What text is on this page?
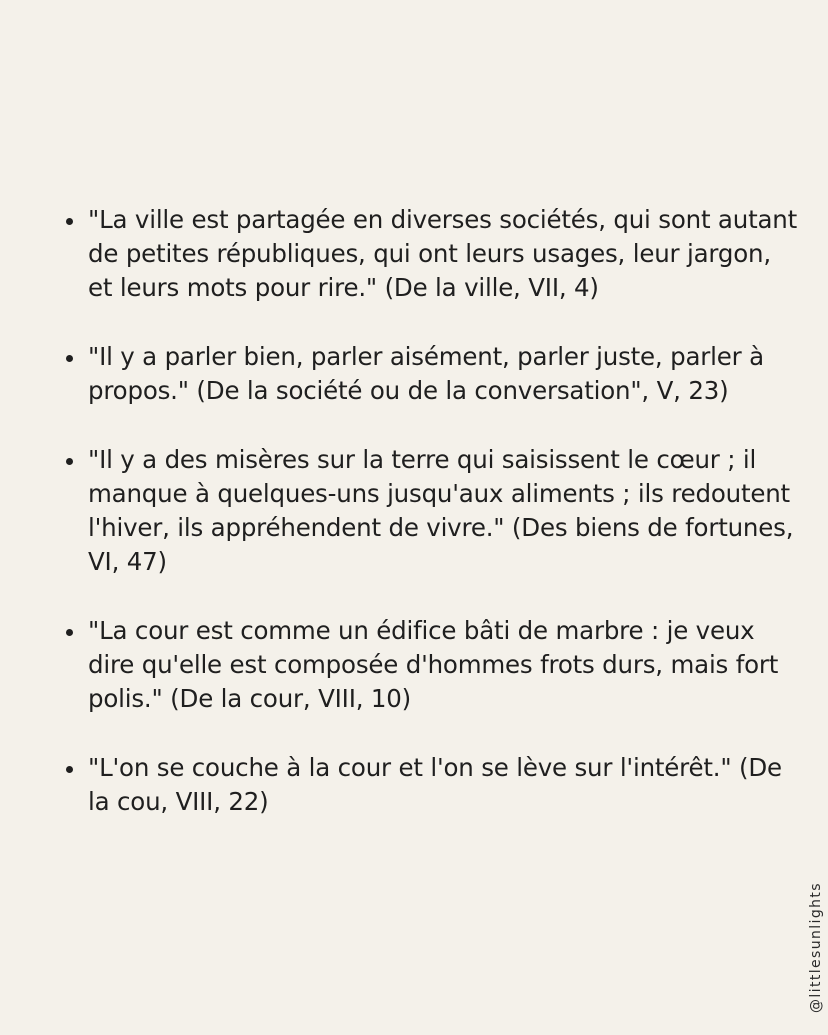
"La ville est partagée en diverses sociétés, qui sont autant de petites républiques, qui ont leurs usages, leur jargon, et leurs mots pour rire." (De la ville, VII, 4)
"Il y a parler bien, parler aisément, parler juste, parler à propos." (De la société ou de la conversation", V, 23)
"Il y a des misères sur la terre qui saisissent le cœur ; il manque à quelques-uns jusqu'aux aliments ; ils redoutent l'hiver, ils appréhendent de vivre." (Des biens de fortunes, VI, 47)
"La cour est comme un édifice bâti de marbre : je veux dire qu'elle est composée d'hommes frots durs, mais fort polis." (De la cour, VIII, 10)
"L'on se couche à la cour et l'on se lève sur l'intérêt." (De la cou, VIII, 22)
@littlesunlights
